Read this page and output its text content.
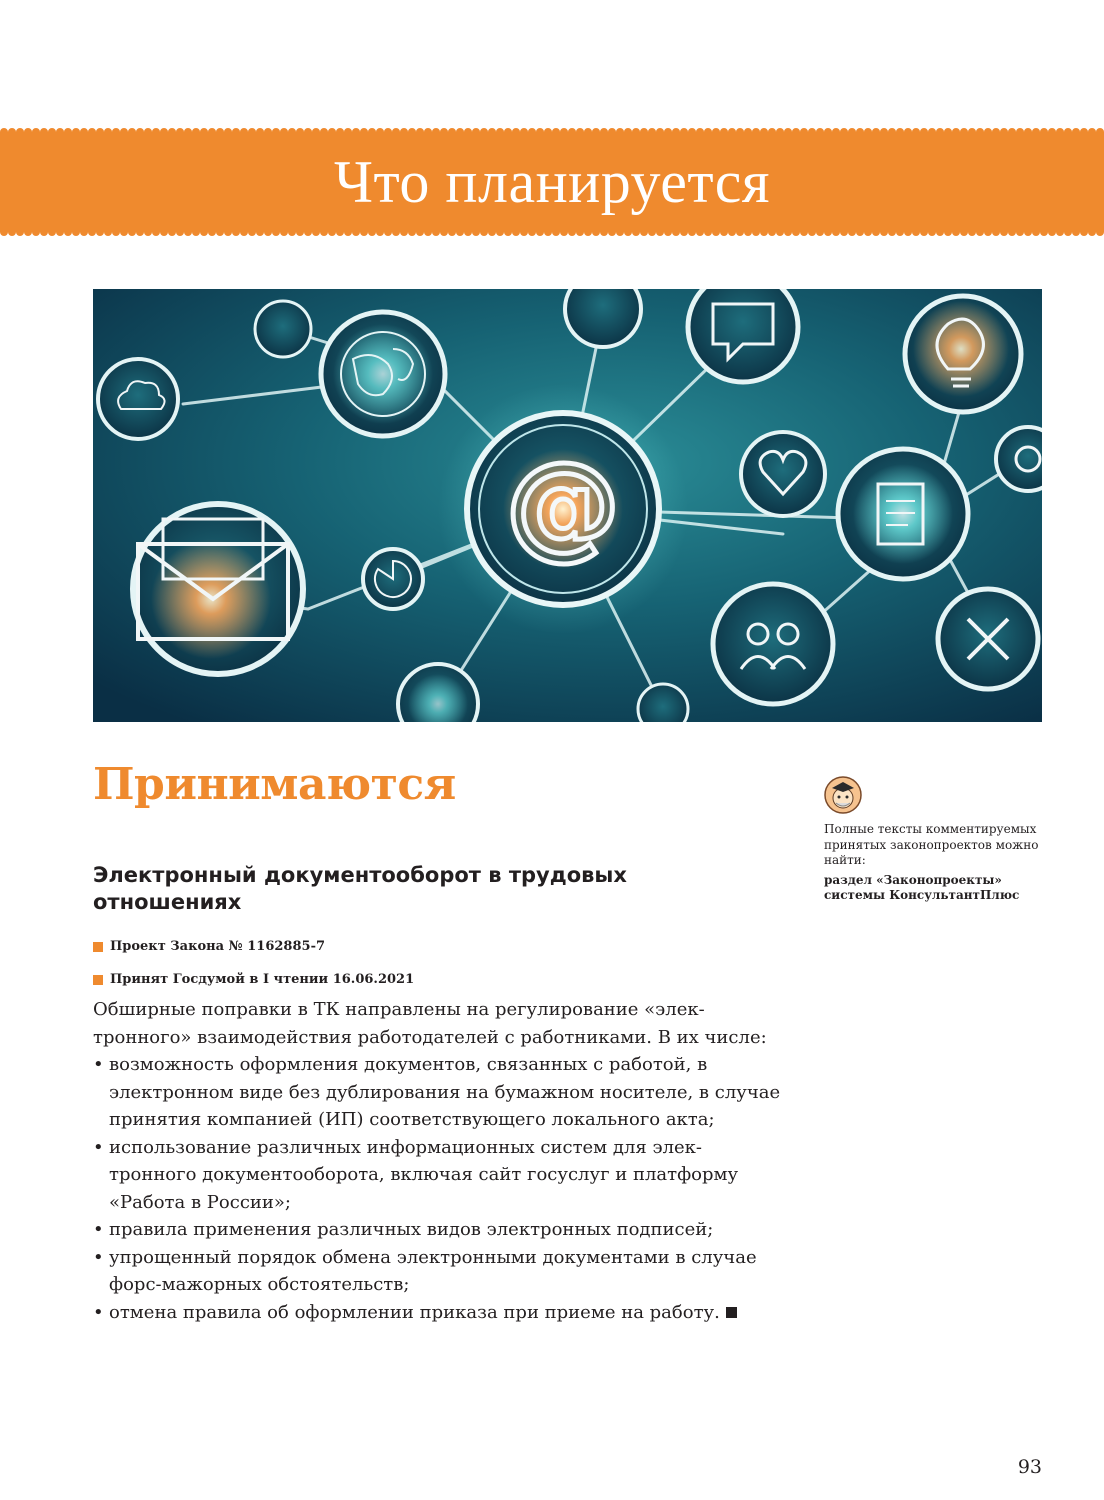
Что планируется
@
Принимаются
Электронный документооборот в трудовых отношениях
Проект Закона № 1162885-7
Принят Госдумой в I чтении 16.06.2021

Обширные поправки в ТК направлены на регулирование «электронного» взаимодействия работодателей с работниками. В их числе:

• возможность оформления документов, связанных с работой, в электронном виде без дублирования на бумажном носителе, в случае принятия компанией (ИП) соответствующего локального акта;
• использование различных информационных систем для электронного документооборота, включая сайт госуслуг и платформу «Работа в России»;
• правила применения различных видов электронных подписей;
• упрощенный порядок обмена электронными документами в случае форс-мажорных обстоятельств;
• отмена правила об оформлении приказа при приеме на работу.
Полные тексты комментируемых принятых законопроектов можно найти:
раздел «Законопроекты» системы КонсультантПлюс
93
